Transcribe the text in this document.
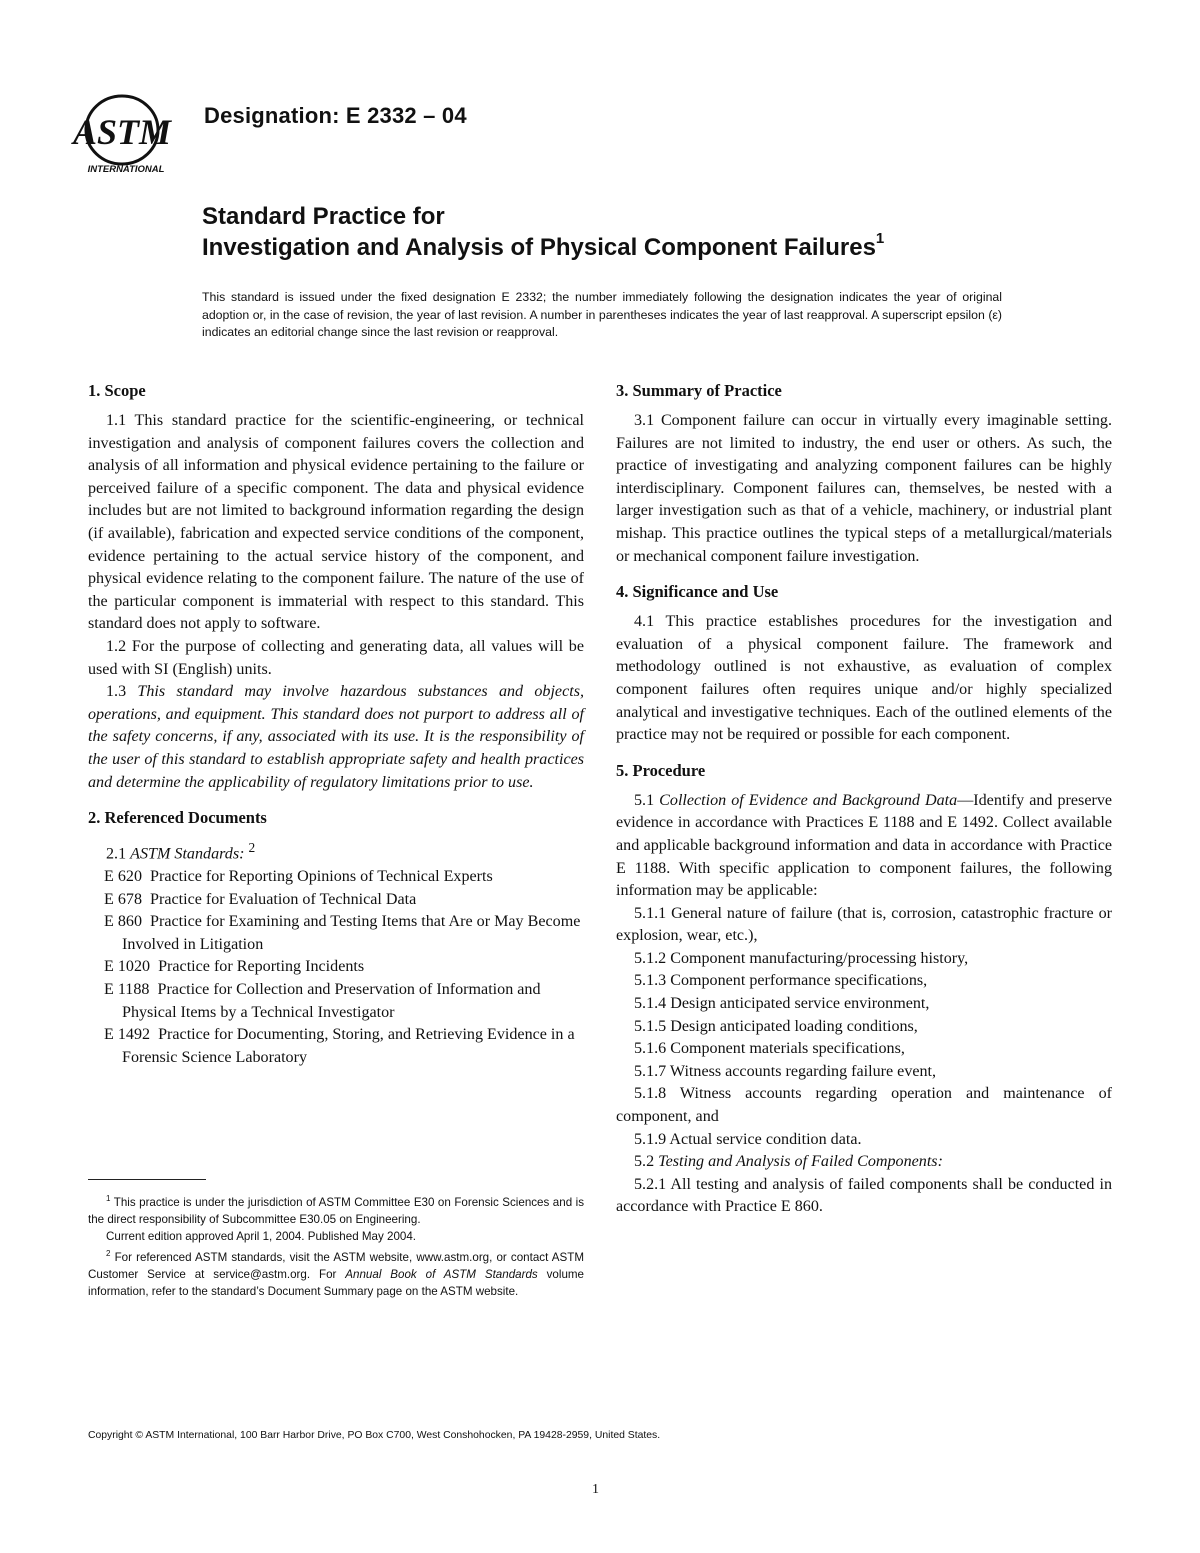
ASTM
INTERNATIONAL
Designation: E 2332 – 04
Standard Practice for
Investigation and Analysis of Physical Component Failures$^1$
This standard is issued under the fixed designation E 2332; the number immediately following the designation indicates the year of original adoption or, in the case of revision, the year of last revision. A number in parentheses indicates the year of last reapproval. A superscript epsilon (ε) indicates an editorial change since the last revision or reapproval.
1. Scope

1.1 This standard practice for the scientific-engineering, or technical investigation and analysis of component failures covers the collection and analysis of all information and physical evidence pertaining to the failure or perceived failure of a specific component. The data and physical evidence includes but are not limited to background information regarding the design (if available), fabrication and expected service conditions of the component, evidence pertaining to the actual service history of the component, and physical evidence relating to the component failure. The nature of the use of the particular component is immaterial with respect to this standard. This standard does not apply to software.

1.2 For the purpose of collecting and generating data, all values will be used with SI (English) units.

1.3 This standard may involve hazardous substances and objects, operations, and equipment. This standard does not purport to address all of the safety concerns, if any, associated with its use. It is the responsibility of the user of this standard to establish appropriate safety and health practices and determine the applicability of regulatory limitations prior to use.

2. Referenced Documents

2.1 ASTM Standards: $^2$

E 620 Practice for Reporting Opinions of Technical Experts
E 678 Practice for Evaluation of Technical Data
E 860 Practice for Examining and Testing Items that Are or May Become Involved in Litigation
E 1020 Practice for Reporting Incidents
E 1188 Practice for Collection and Preservation of Information and Physical Items by a Technical Investigator
E 1492 Practice for Documenting, Storing, and Retrieving Evidence in a Forensic Science Laboratory

$^1$ This practice is under the jurisdiction of ASTM Committee E30 on Forensic Sciences and is the direct responsibility of Subcommittee E30.05 on Engineering.

Current edition approved April 1, 2004. Published May 2004.

$^2$ For referenced ASTM standards, visit the ASTM website, www.astm.org, or contact ASTM Customer Service at service@astm.org. For Annual Book of ASTM Standards volume information, refer to the standard’s Document Summary page on the ASTM website.

3. Summary of Practice

3.1 Component failure can occur in virtually every imaginable setting. Failures are not limited to industry, the end user or others. As such, the practice of investigating and analyzing component failures can be highly interdisciplinary. Component failures can, themselves, be nested with a larger investigation such as that of a vehicle, machinery, or industrial plant mishap. This practice outlines the typical steps of a metallurgical/materials or mechanical component failure investigation.

4. Significance and Use

4.1 This practice establishes procedures for the investigation and evaluation of a physical component failure. The framework and methodology outlined is not exhaustive, as evaluation of complex component failures often requires unique and/or highly specialized analytical and investigative techniques. Each of the outlined elements of the practice may not be required or possible for each component.

5. Procedure

5.1 Collection of Evidence and Background Data—Identify and preserve evidence in accordance with Practices E 1188 and E 1492. Collect available and applicable background information and data in accordance with Practice E 1188. With specific application to component failures, the following information may be applicable:

5.1.1 General nature of failure (that is, corrosion, catastrophic fracture or explosion, wear, etc.),

5.1.2 Component manufacturing/processing history,

5.1.3 Component performance specifications,

5.1.4 Design anticipated service environment,

5.1.5 Design anticipated loading conditions,

5.1.6 Component materials specifications,

5.1.7 Witness accounts regarding failure event,

5.1.8 Witness accounts regarding operation and maintenance of component, and

5.1.9 Actual service condition data.

5.2 Testing and Analysis of Failed Components:

5.2.1 All testing and analysis of failed components shall be conducted in accordance with Practice E 860.

Copyright © ASTM International, 100 Barr Harbor Drive, PO Box C700, West Conshohocken, PA 19428-2959, United States.
1
